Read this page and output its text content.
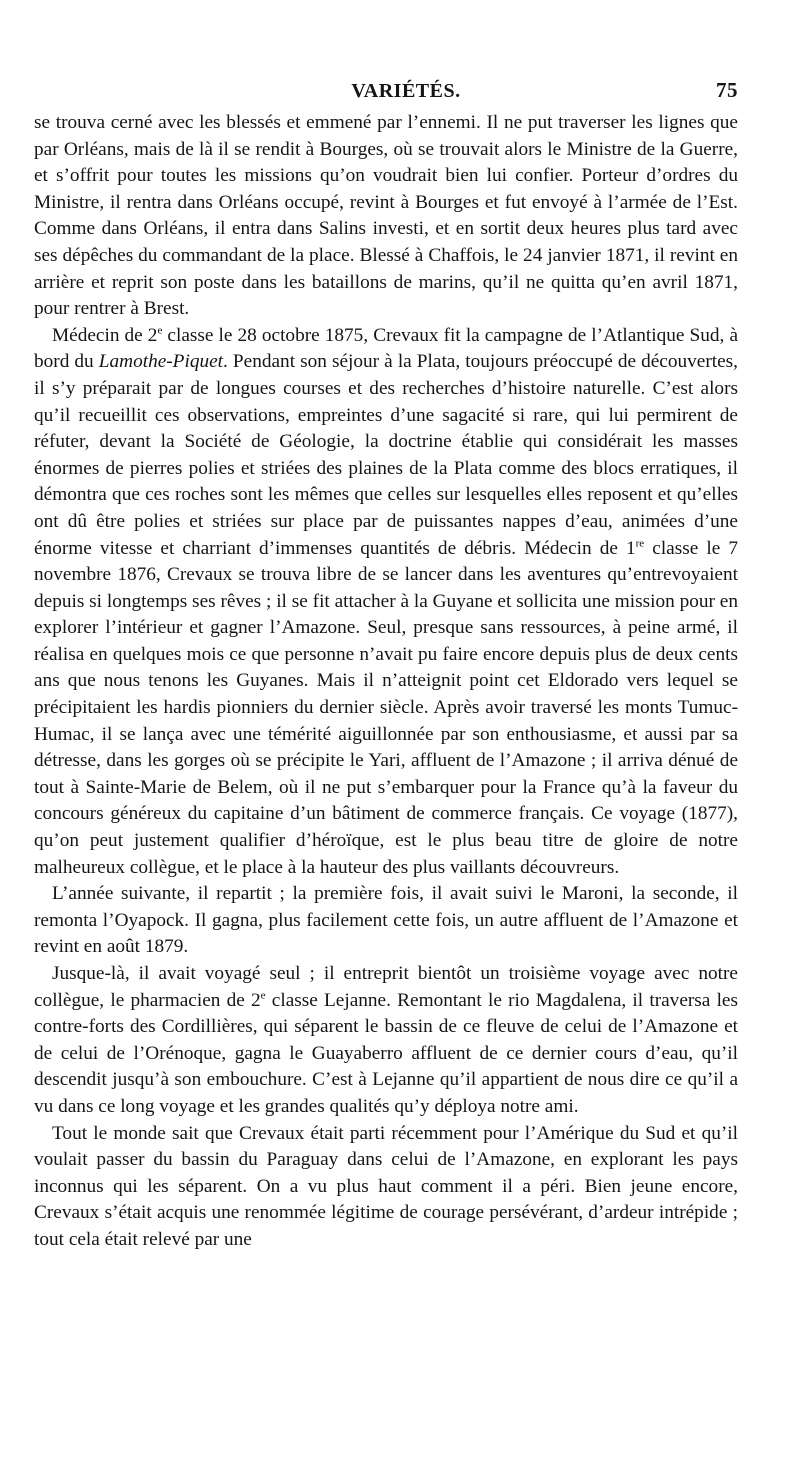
VARIÉTÉS.	75

se trouva cerné avec les blessés et emmené par l’ennemi. Il ne put traverser les lignes que par Orléans, mais de là il se rendit à Bourges, où se trouvait alors le Ministre de la Guerre, et s’offrit pour toutes les missions qu’on voudrait bien lui confier. Porteur d’ordres du Ministre, il rentra dans Orléans occupé, revint à Bourges et fut envoyé à l’armée de l’Est. Comme dans Orléans, il entra dans Salins investi, et en sortit deux heures plus tard avec ses dépêches du commandant de la place. Blessé à Chaffois, le 24 janvier 1871, il revint en arrière et reprit son poste dans les bataillons de marins, qu’il ne quitta qu’en avril 1871, pour rentrer à Brest.

Médecin de 2e classe le 28 octobre 1875, Crevaux fit la campagne de l’Atlantique Sud, à bord du Lamothe-Piquet. Pendant son séjour à la Plata, toujours préoccupé de découvertes, il s’y préparait par de longues courses et des recherches d’histoire naturelle. C’est alors qu’il recueillit ces observations, empreintes d’une sagacité si rare, qui lui permirent de réfuter, devant la Société de Géologie, la doctrine établie qui considérait les masses énormes de pierres polies et striées des plaines de la Plata comme des blocs erratiques, il démontra que ces roches sont les mêmes que celles sur lesquelles elles reposent et qu’elles ont dû être polies et striées sur place par de puissantes nappes d’eau, animées d’une énorme vitesse et charriant d’immenses quantités de débris. Médecin de 1re classe le 7 novembre 1876, Crevaux se trouva libre de se lancer dans les aventures qu’entrevoyaient depuis si longtemps ses rêves ; il se fit attacher à la Guyane et sollicita une mission pour en explorer l’intérieur et gagner l’Amazone. Seul, presque sans ressources, à peine armé, il réalisa en quelques mois ce que personne n’avait pu faire encore depuis plus de deux cents ans que nous tenons les Guyanes. Mais il n’atteignit point cet Eldorado vers lequel se précipitaient les hardis pionniers du dernier siècle. Après avoir traversé les monts Tumuc-Humac, il se lança avec une témérité aiguillonnée par son enthousiasme, et aussi par sa détresse, dans les gorges où se précipite le Yari, affluent de l’Amazone ; il arriva dénué de tout à Sainte-Marie de Belem, où il ne put s’embarquer pour la France qu’à la faveur du concours généreux du capitaine d’un bâtiment de commerce français. Ce voyage (1877), qu’on peut justement qualifier d’héroïque, est le plus beau titre de gloire de notre malheureux collègue, et le place à la hauteur des plus vaillants découvreurs.

L’année suivante, il repartit ; la première fois, il avait suivi le Maroni, la seconde, il remonta l’Oyapock. Il gagna, plus facilement cette fois, un autre affluent de l’Amazone et revint en août 1879.

Jusque-là, il avait voyagé seul ; il entreprit bientôt un troisième voyage avec notre collègue, le pharmacien de 2e classe Lejanne. Remontant le rio Magdalena, il traversa les contre-forts des Cordillières, qui séparent le bassin de ce fleuve de celui de l’Amazone et de celui de l’Orénoque, gagna le Guayaberro affluent de ce dernier cours d’eau, qu’il descendit jusqu’à son embouchure. C’est à Lejanne qu’il appartient de nous dire ce qu’il a vu dans ce long voyage et les grandes qualités qu’y déploya notre ami.

Tout le monde sait que Crevaux était parti récemment pour l’Amérique du Sud et qu’il voulait passer du bassin du Paraguay dans celui de l’Amazone, en explorant les pays inconnus qui les séparent. On a vu plus haut comment il a péri. Bien jeune encore, Crevaux s’était acquis une renommée légitime de courage persévérant, d’ardeur intrépide ; tout cela était relevé par une
